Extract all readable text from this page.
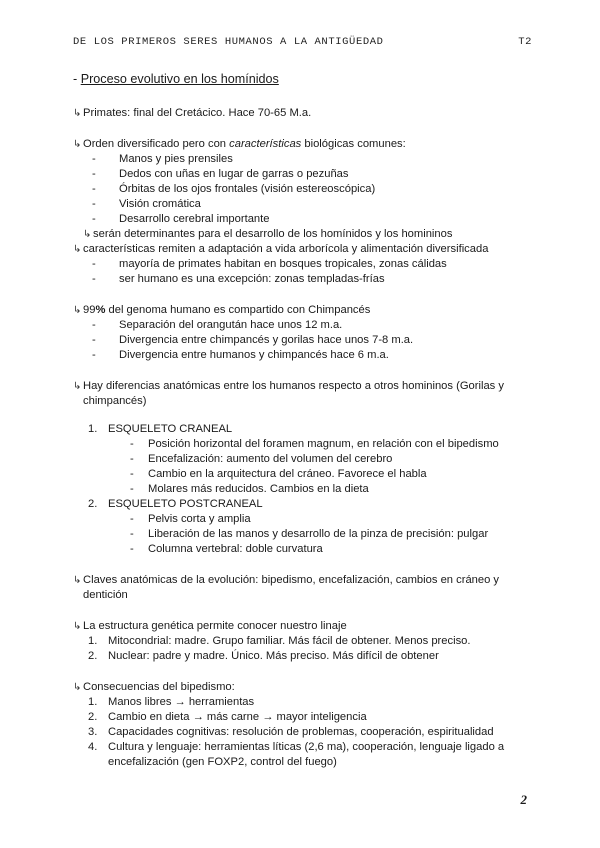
DE LOS PRIMEROS SERES HUMANOS A LA ANTIGÜEDAD	T2
- Proceso evolutivo en los homínidos
↳ Primates: final del Cretácico. Hace 70-65 M.a.
↳ Orden diversificado pero con características biológicas comunes:
- Manos y pies prensiles
- Dedos con uñas en lugar de garras o pezuñas
- Órbitas de los ojos frontales (visión estereoscópica)
- Visión cromática
- Desarrollo cerebral importante
↳ serán determinantes para el desarrollo de los homínidos y los homininos
↳ características remiten a adaptación a vida arborícola y alimentación diversificada
- mayoría de primates habitan en bosques tropicales, zonas cálidas
- ser humano es una excepción: zonas templadas-frías
↳ 99% del genoma humano es compartido con Chimpancés
- Separación del orangután hace unos 12 m.a.
- Divergencia entre chimpancés y gorilas hace unos 7-8 m.a.
- Divergencia entre humanos y chimpancés hace 6 m.a.
↳ Hay diferencias anatómicas entre los humanos respecto a otros homininos (Gorilas y
chimpancés)
1. ESQUELETO CRANEAL
- Posición horizontal del foramen magnum, en relación con el bipedismo
- Encefalización: aumento del volumen del cerebro
- Cambio en la arquitectura del cráneo. Favorece el habla
- Molares más reducidos. Cambios en la dieta
2. ESQUELETO POSTCRANEAL
- Pelvis corta y amplia
- Liberación de las manos y desarrollo de la pinza de precisión: pulgar
- Columna vertebral: doble curvatura
↳ Claves anatómicas de la evolución: bipedismo, encefalización, cambios en cráneo y
dentición
↳ La estructura genética permite conocer nuestro linaje
1. Mitocondrial: madre. Grupo familiar. Más fácil de obtener. Menos preciso.
2. Nuclear: padre y madre. Único. Más preciso. Más difícil de obtener
↳ Consecuencias del bipedismo:
1. Manos libres → herramientas
2. Cambio en dieta → más carne → mayor inteligencia
3. Capacidades cognitivas: resolución de problemas, cooperación, espiritualidad
4. Cultura y lenguaje: herramientas líticas (2,6 ma), cooperación, lenguaje ligado a encefalización (gen FOXP2, control del fuego)
2
